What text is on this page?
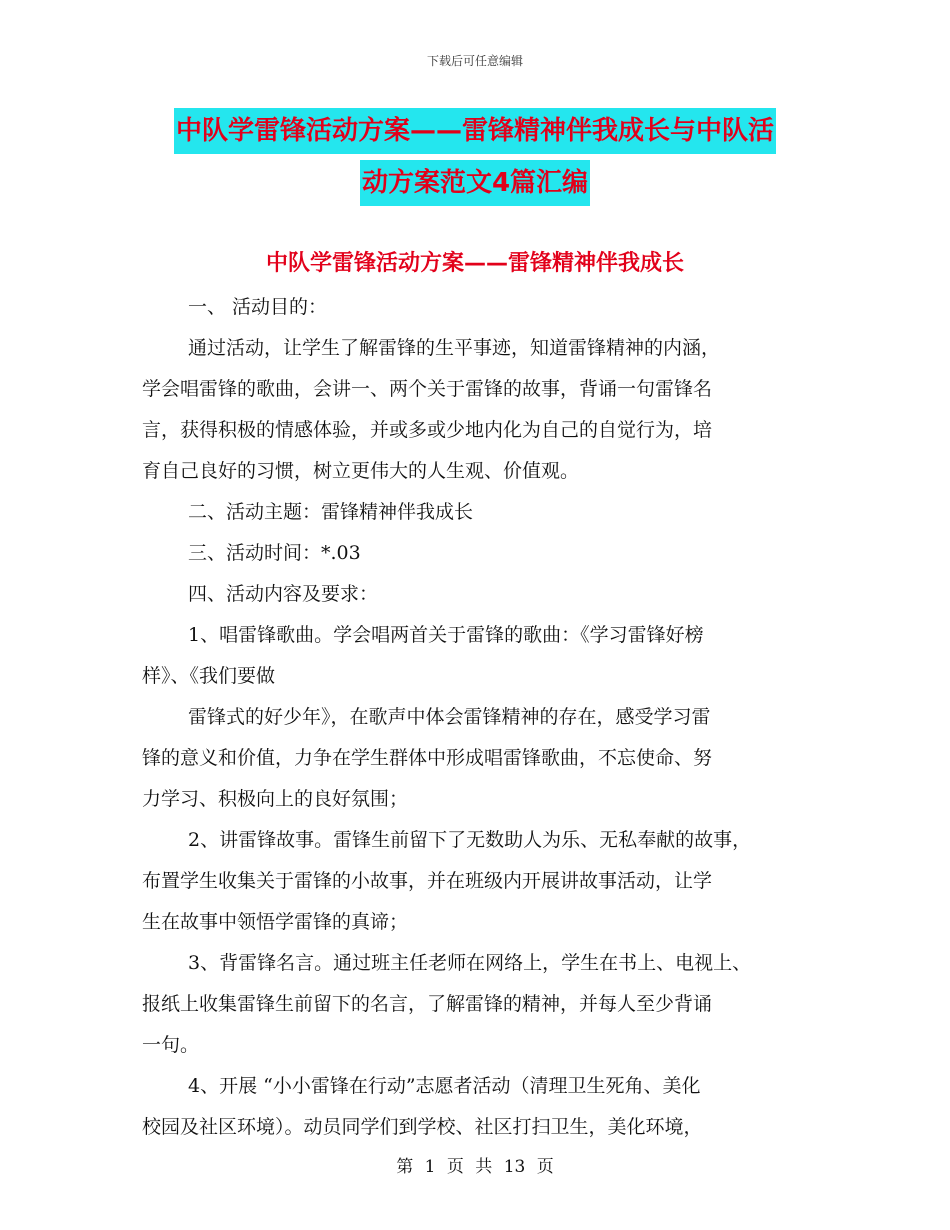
下载后可任意编辑
中队学雷锋活动方案——雷锋精神伴我成长与中队活
动方案范文4篇汇编
中队学雷锋活动方案——雷锋精神伴我成长

一、 活动目的：

通过活动，让学生了解雷锋的生平事迹，知道雷锋精神的内涵，

学会唱雷锋的歌曲，会讲一、两个关于雷锋的故事，背诵一句雷锋名

言，获得积极的情感体验，并或多或少地内化为自己的自觉行为，培

育自己良好的习惯，树立更伟大的人生观、价值观。

二、活动主题：雷锋精神伴我成长

三、活动时间：*.03

四、活动内容及要求：

1、唱雷锋歌曲。学会唱两首关于雷锋的歌曲：《学习雷锋好榜

样》、《我们要做

雷锋式的好少年》，在歌声中体会雷锋精神的存在，感受学习雷

锋的意义和价值，力争在学生群体中形成唱雷锋歌曲，不忘使命、努

力学习、积极向上的良好氛围；

2、讲雷锋故事。雷锋生前留下了无数助人为乐、无私奉献的故事，

布置学生收集关于雷锋的小故事，并在班级内开展讲故事活动，让学

生在故事中领悟学雷锋的真谛；

3、背雷锋名言。通过班主任老师在网络上，学生在书上、电视上、

报纸上收集雷锋生前留下的名言，了解雷锋的精神，并每人至少背诵

一句。

4、开展 “小小雷锋在行动”志愿者活动（清理卫生死角、美化

校园及社区环境）。动员同学们到学校、社区打扫卫生，美化环境，

第 1 页 共 13 页
